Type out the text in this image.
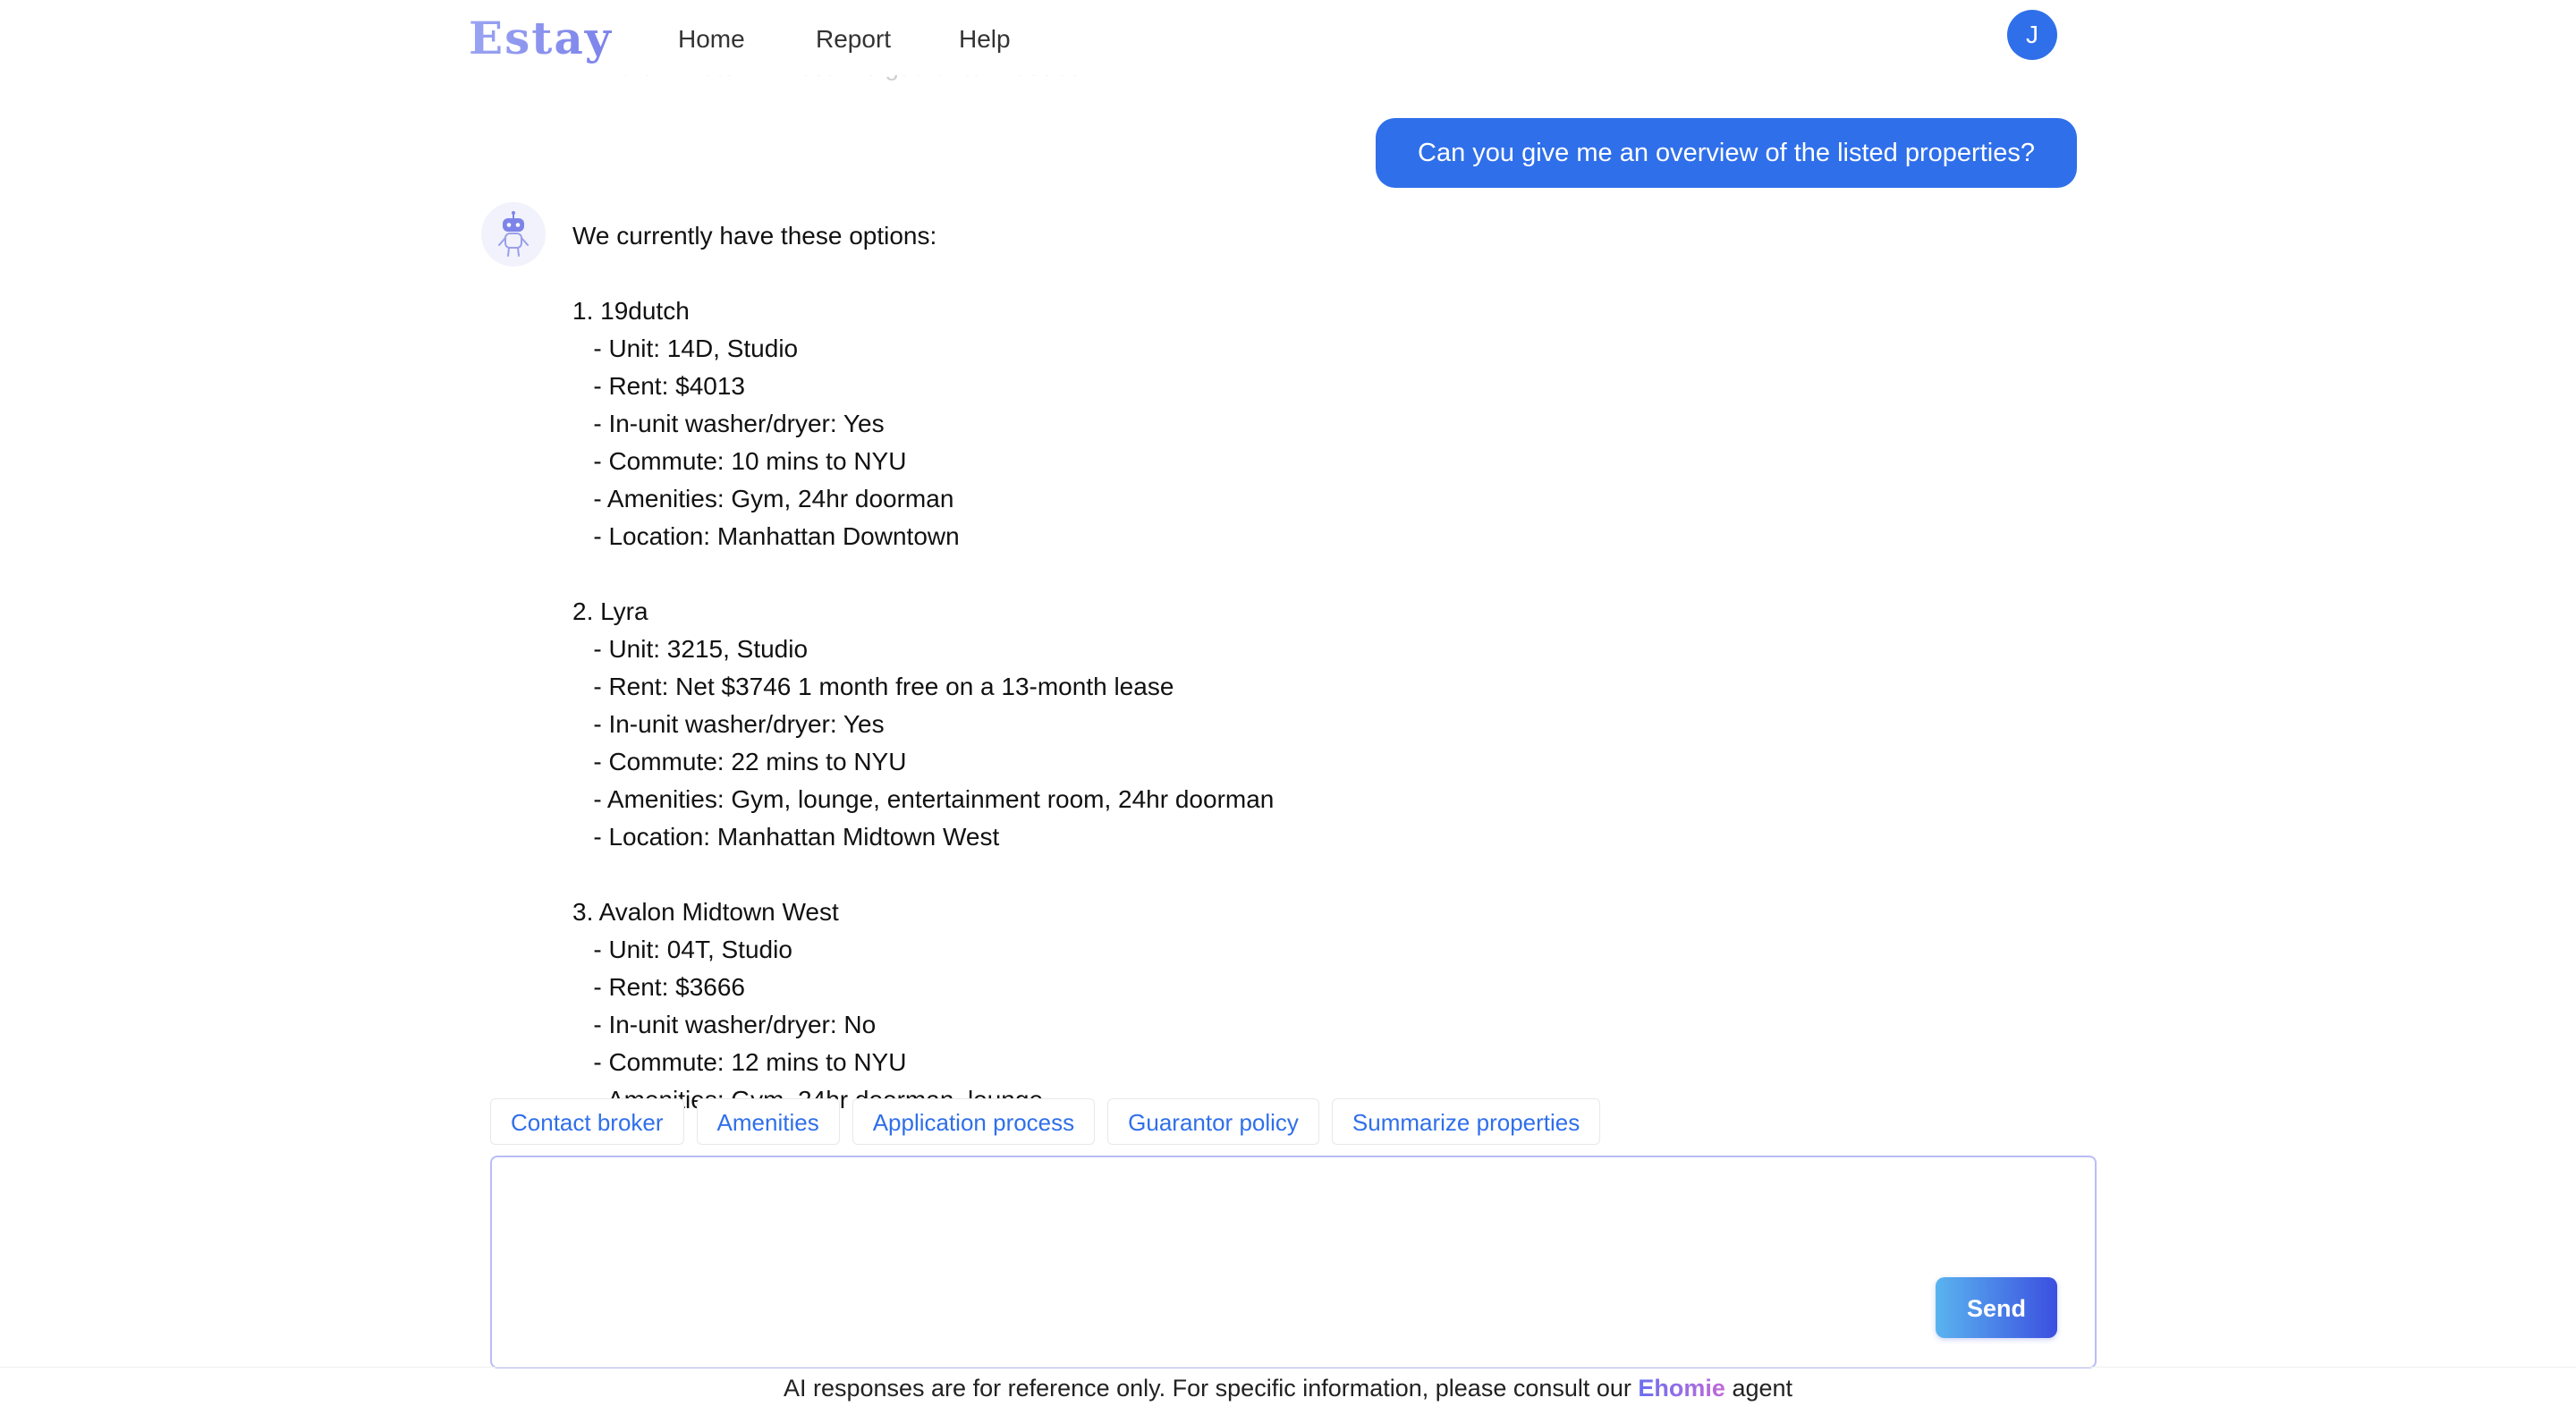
Can you give me an overview of the listed properties?
We currently have these options:

1. 19dutch
- Unit: 14D, Studio
- Rent: $4013
- In-unit washer/dryer: Yes
- Commute: 10 mins to NYU
- Amenities: Gym, 24hr doorman
- Location: Manhattan Downtown

2. Lyra
- Unit: 3215, Studio
- Rent: Net $3746 1 month free on a 13-month lease
- In-unit washer/dryer: Yes
- Commute: 22 mins to NYU
- Amenities: Gym, lounge, entertainment room, 24hr doorman
- Location: Manhattan Midtown West

3. Avalon Midtown West
- Unit: 04T, Studio
- Rent: $3666
- In-unit washer/dryer: No
- Commute: 12 mins to NYU

Estay	Home	Report	Help	J
Contact broker	Amenities	Application process	Guarantor policy	Summarize properties
Send
AI responses are for reference only. For specific information, please consult our Ehomie agent
